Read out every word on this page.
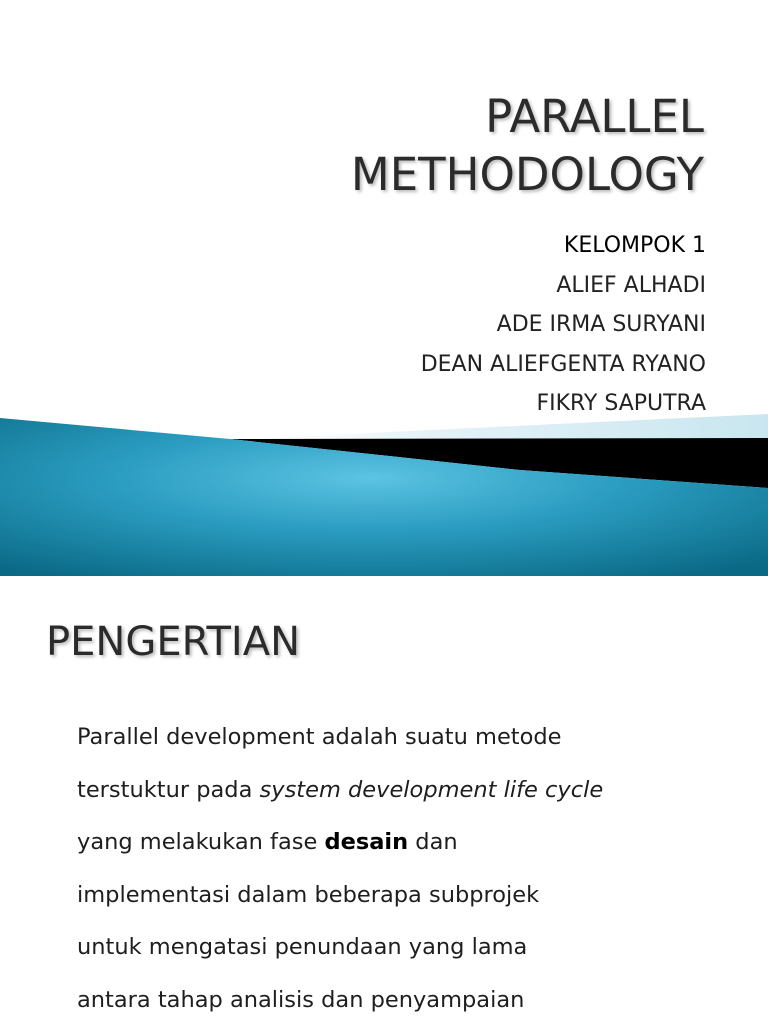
PARALLEL
METHODOLOGY
KELOMPOK 1
ALIEF ALHADI
ADE IRMA SURYANI
DEAN ALIEFGENTA RYANO
FIKRY SAPUTRA
PENGERTIAN
Parallel development adalah suatu metode
terstuktur pada system development life cycle
yang melakukan fase desain dan
implementasi dalam beberapa subprojek
untuk mengatasi penundaan yang lama
antara tahap analisis dan penyampaian
